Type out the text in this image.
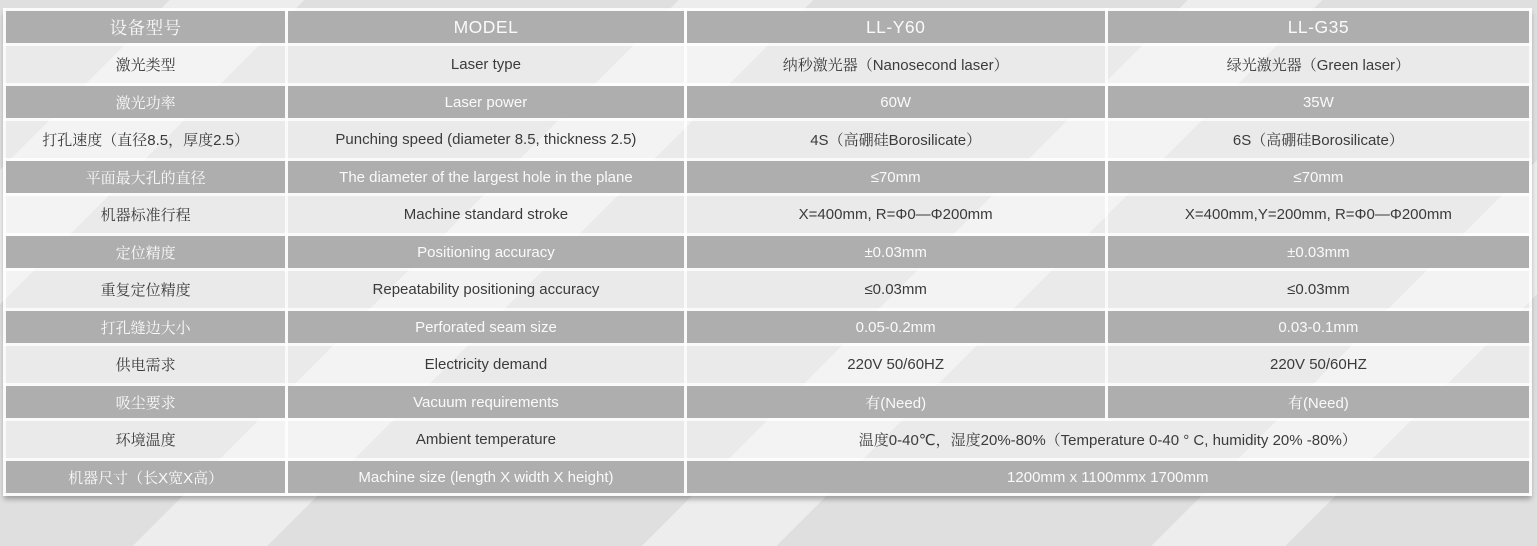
设备型号	MODEL	LL-Y60	LL-G35
激光类型	Laser type	纳秒激光器（Nanosecond laser）	绿光激光器（Green laser）
激光功率	Laser power	60W	35W
打孔速度（直径8.5，厚度2.5）	Punching speed (diameter 8.5, thickness 2.5)	4S（高硼硅Borosilicate）	6S（高硼硅Borosilicate）
平面最大孔的直径	The diameter of the largest hole in the plane	≤70mm	≤70mm
机器标准行程	Machine standard stroke	X=400mm, R=Φ0—Φ200mm	X=400mm,Y=200mm, R=Φ0—Φ200mm
定位精度	Positioning accuracy	±0.03mm	±0.03mm
重复定位精度	Repeatability positioning accuracy	≤0.03mm	≤0.03mm
打孔缝边大小	Perforated seam size	0.05-0.2mm	0.03-0.1mm
供电需求	Electricity demand	220V 50/60HZ	220V 50/60HZ
吸尘要求	Vacuum requirements	有(Need)	有(Need)
环境温度	Ambient temperature	温度0-40℃，湿度20%-80%（Temperature 0-40 ° C, humidity 20% -80%）	
机器尺寸（长X宽X高）	Machine size (length X width X height)	1200mm x 1100mmx 1700mm	
